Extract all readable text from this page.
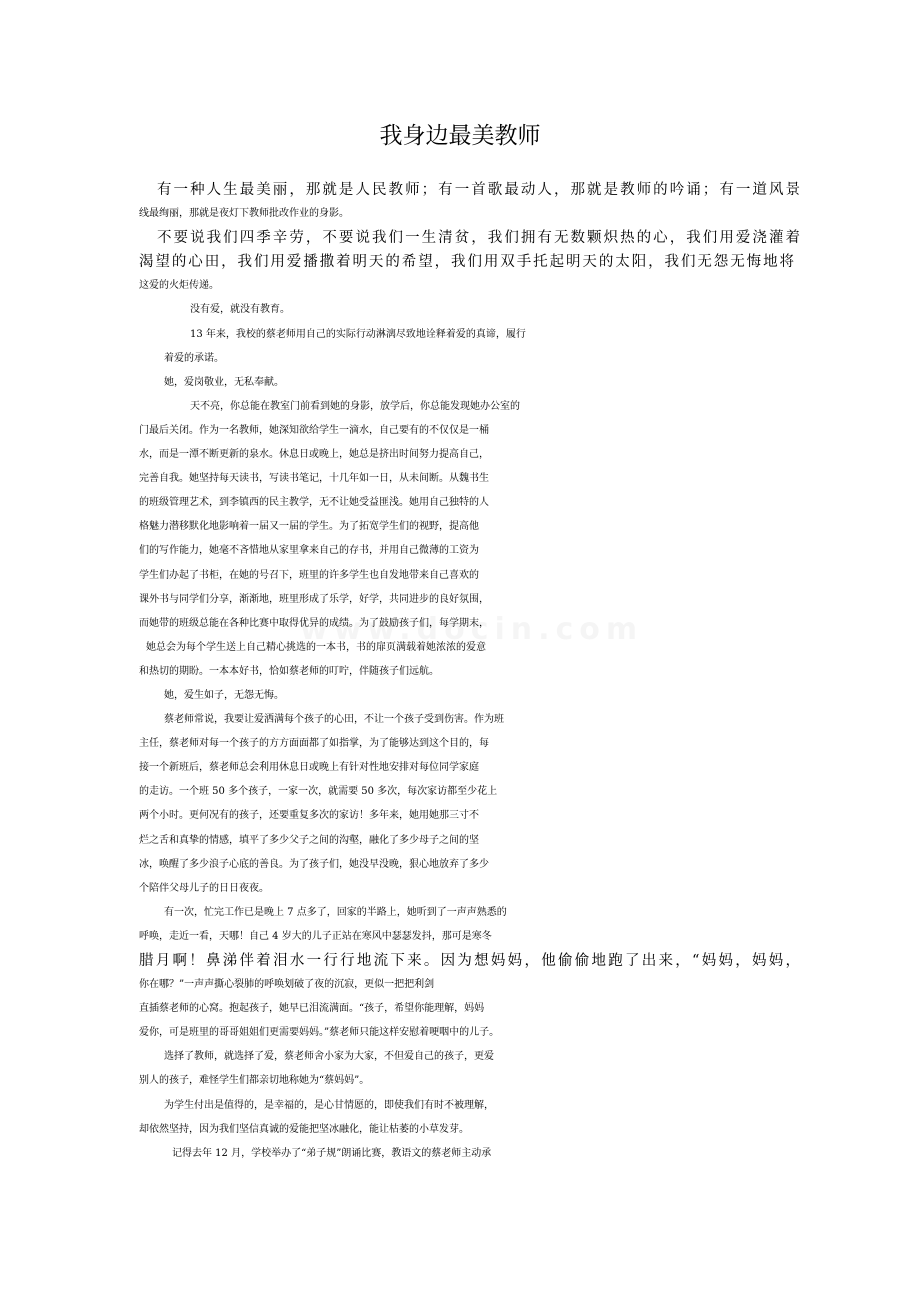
我身边最美教师
有一种人生最美丽，那就是人民教师；有一首歌最动人，那就是教师的吟诵；有一道风景
线最绚丽，那就是夜灯下教师批改作业的身影。
不要说我们四季辛劳，不要说我们一生清贫，我们拥有无数颗炽热的心，我们用爱浇灌着
渴望的心田，我们用爱播撒着明天的希望，我们用双手托起明天的太阳，我们无怨无悔地将
这爱的火炬传递。
没有爱，就没有教育。
13 年来，我校的蔡老师用自己的实际行动淋漓尽致地诠释着爱的真谛，履行
着爱的承诺。
她，爱岗敬业，无私奉献。
天不亮，你总能在教室门前看到她的身影，放学后，你总能发现她办公室的
门最后关闭。作为一名教师，她深知欲给学生一滴水，自己要有的不仅仅是一桶
水，而是一潭不断更新的泉水。休息日或晚上，她总是挤出时间努力提高自己，
完善自我。她坚持每天读书，写读书笔记，十几年如一日，从未间断。从魏书生
的班级管理艺术，到李镇西的民主教学，无不让她受益匪浅。她用自己独特的人
格魅力潜移默化地影响着一届又一届的学生。为了拓宽学生们的视野，提高他
们的写作能力，她毫不吝惜地从家里拿来自己的存书，并用自己微薄的工资为
学生们办起了书柜，在她的号召下，班里的许多学生也自发地带来自己喜欢的
课外书与同学们分享，渐渐地，班里形成了乐学，好学，共同进步的良好氛围，
而她带的班级总能在各种比赛中取得优异的成绩。为了鼓励孩子们，每学期末，
她总会为每个学生送上自己精心挑选的一本书，书的扉页满载着她浓浓的爱意
和热切的期盼。一本本好书，恰如蔡老师的叮咛，伴随孩子们远航。
她，爱生如子，无怨无悔。
蔡老师常说，我要让爱洒满每个孩子的心田，不让一个孩子受到伤害。作为班
主任，蔡老师对每一个孩子的方方面面都了如指掌，为了能够达到这个目的，每
接一个新班后，蔡老师总会利用休息日或晚上有针对性地安排对每位同学家庭
的走访。一个班 50 多个孩子，一家一次，就需要 50 多次，每次家访都至少花上
两个小时。更何况有的孩子，还要重复多次的家访！多年来，她用她那三寸不
烂之舌和真挚的情感，填平了多少父子之间的沟壑，融化了多少母子之间的坚
冰，唤醒了多少浪子心底的善良。为了孩子们，她没早没晚，狠心地放弃了多少
个陪伴父母儿子的日日夜夜。
有一次，忙完工作已是晚上 7 点多了，回家的半路上，她听到了一声声熟悉的
呼唤，走近一看，天哪！自己 4 岁大的儿子正站在寒风中瑟瑟发抖，那可是寒冬
腊月啊！鼻涕伴着泪水一行行地流下来。因为想妈妈，他偷偷地跑了出来，“妈妈，妈妈，
你在哪？”一声声撕心裂肺的呼唤划破了夜的沉寂，更似一把把利剑
直插蔡老师的心窝。抱起孩子，她早已泪流满面。“孩子，希望你能理解，妈妈
爱你，可是班里的哥哥姐姐们更需要妈妈。”蔡老师只能这样安慰着哽咽中的儿子。
选择了教师，就选择了爱，蔡老师舍小家为大家，不但爱自己的孩子，更爱
别人的孩子，难怪学生们都亲切地称她为“蔡妈妈”。
为学生付出是值得的，是幸福的，是心甘情愿的，即使我们有时不被理解，
却依然坚持，因为我们坚信真诚的爱能把坚冰融化，能让枯萎的小草发芽。
记得去年 12 月，学校举办了“弟子规”朗诵比赛，教语文的蔡老师主动承
